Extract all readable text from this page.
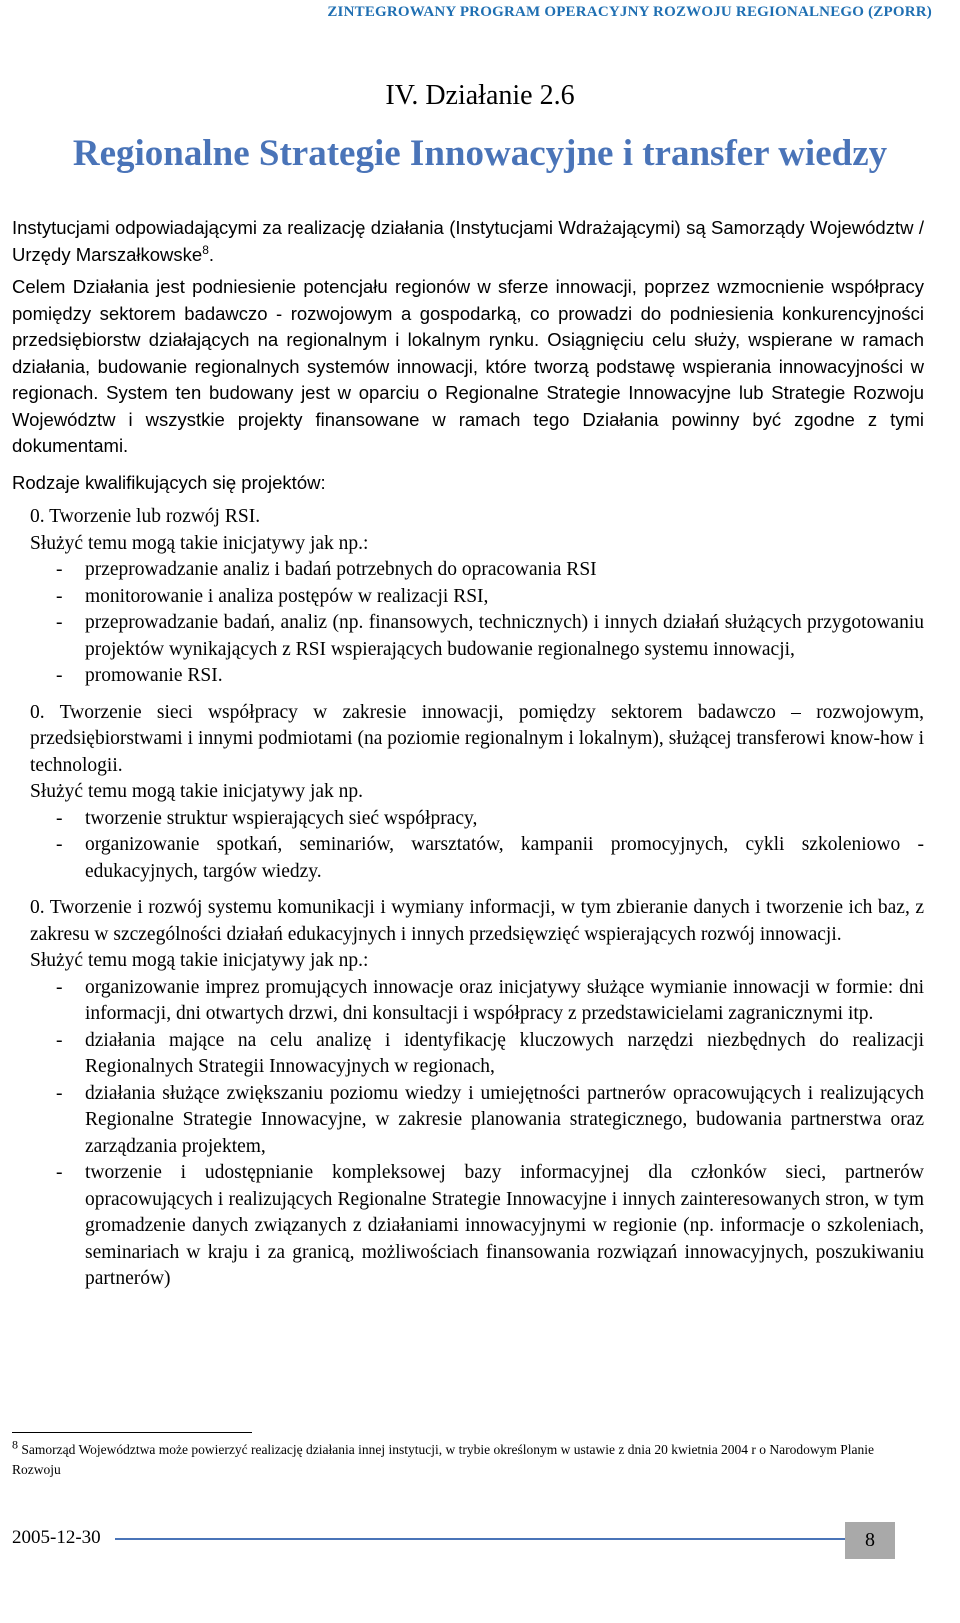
ZINTEGROWANY PROGRAM OPERACYJNY ROZWOJU REGIONALNEGO (ZPORR)
IV. Działanie 2.6
Regionalne Strategie Innowacyjne i transfer wiedzy

Instytucjami odpowiadającymi za realizację działania (Instytucjami Wdrażającymi) są Samorządy Województw / Urzędy Marszałkowske$^8$.

Celem Działania jest podniesienie potencjału regionów w sferze innowacji, poprzez wzmocnienie współpracy pomiędzy sektorem badawczo - rozwojowym a gospodarką, co prowadzi do podniesienia konkurencyjności przedsiębiorstw działających na regionalnym i lokalnym rynku. Osiągnięciu celu służy, wspierane w ramach działania, budowanie regionalnych systemów innowacji, które tworzą podstawę wspierania innowacyjności w regionach. System ten budowany jest w oparciu o Regionalne Strategie Innowacyjne lub Strategie Rozwoju Województw i wszystkie projekty finansowane w ramach tego Działania powinny być zgodne z tymi dokumentami.

Rodzaje kwalifikujących się projektów:

0. Tworzenie lub rozwój RSI.
Służyć temu mogą takie inicjatywy jak np.:
- przeprowadzanie analiz i badań potrzebnych do opracowania RSI
- monitorowanie i analiza postępów w realizacji RSI,
- przeprowadzanie badań, analiz (np. finansowych, technicznych) i innych działań służących przygotowaniu projektów wynikających z RSI wspierających budowanie regionalnego systemu innowacji,
- promowanie RSI.
0. Tworzenie sieci współpracy w zakresie innowacji, pomiędzy sektorem badawczo – rozwojowym, przedsiębiorstwami i innymi podmiotami (na poziomie regionalnym i lokalnym), służącej transferowi know-how i technologii.
Służyć temu mogą takie inicjatywy jak np.
- tworzenie struktur wspierających sieć współpracy,
- organizowanie spotkań, seminariów, warsztatów, kampanii promocyjnych, cykli szkoleniowo -edukacyjnych, targów wiedzy.
0. Tworzenie i rozwój systemu komunikacji i wymiany informacji, w tym zbieranie danych i tworzenie ich baz, z zakresu w szczególności działań edukacyjnych i innych przedsięwzięć wspierających rozwój innowacji.
Służyć temu mogą takie inicjatywy jak np.:
- organizowanie imprez promujących innowacje oraz inicjatywy służące wymianie innowacji w formie: dni informacji, dni otwartych drzwi, dni konsultacji i współpracy z przedstawicielami zagranicznymi itp.
- działania mające na celu analizę i identyfikację kluczowych narzędzi niezbędnych do realizacji Regionalnych Strategii Innowacyjnych w regionach,
- działania służące zwiększaniu poziomu wiedzy i umiejętności partnerów opracowujących i realizujących Regionalne Strategie Innowacyjne, w zakresie planowania strategicznego, budowania partnerstwa oraz zarządzania projektem,
- tworzenie i udostępnianie kompleksowej bazy informacyjnej dla członków sieci, partnerów opracowujących i realizujących Regionalne Strategie Innowacyjne i innych zainteresowanych stron, w tym gromadzenie danych związanych z działaniami innowacyjnymi w regionie (np. informacje o szkoleniach, seminariach w kraju i za granicą, możliwościach finansowania rozwiązań innowacyjnych, poszukiwaniu partnerów)
$^8$ Samorząd Województwa może powierzyć realizację działania innej instytucji, w trybie określonym w ustawie z dnia 20 kwietnia 2004 r o Narodowym Planie Rozwoju
2005-12-30	8
